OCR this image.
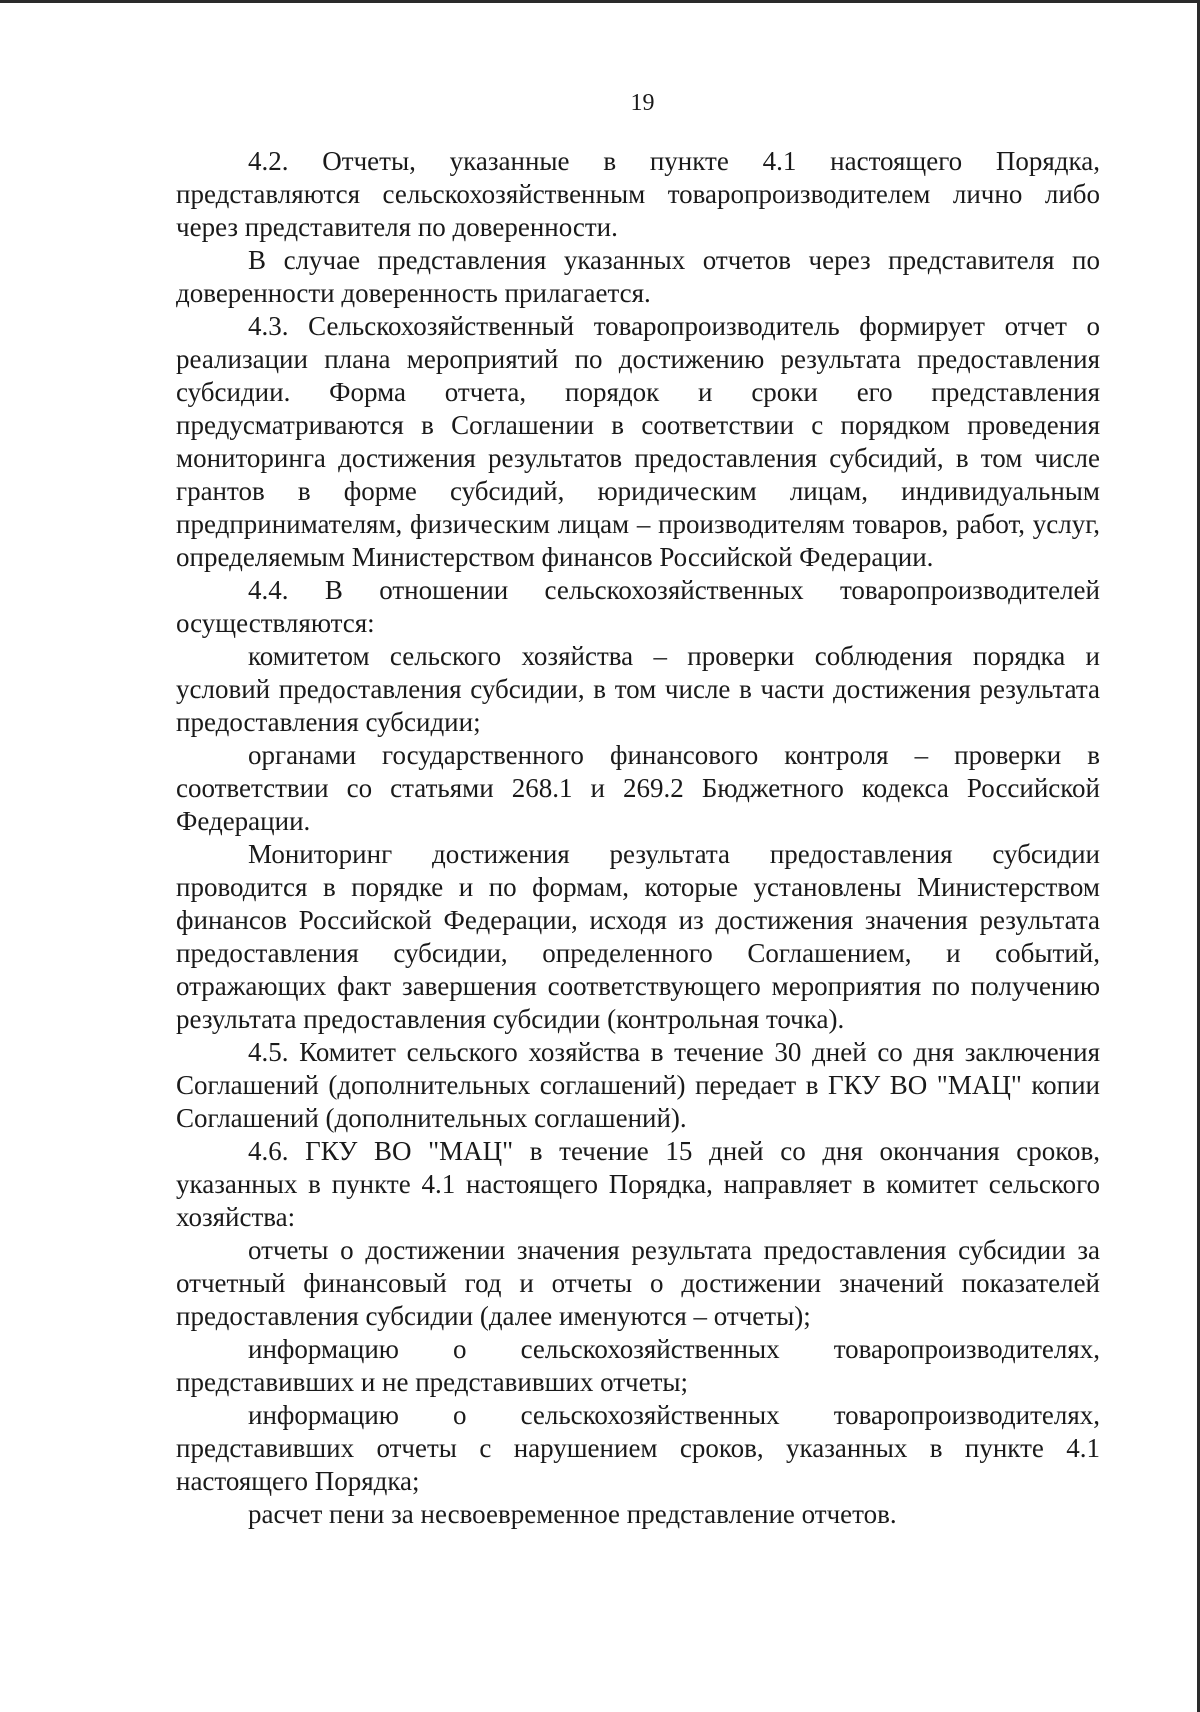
19

4.2. Отчеты, указанные в пункте 4.1 настоящего Порядка, представляются сельскохозяйственным товаропроизводителем лично либо через представителя по доверенности.

В случае представления указанных отчетов через представителя по доверенности доверенность прилагается.

4.3. Сельскохозяйственный товаропроизводитель формирует отчет о реализации плана мероприятий по достижению результата предоставления субсидии. Форма отчета, порядок и сроки его представления предусматриваются в Соглашении в соответствии с порядком проведения мониторинга достижения результатов предоставления субсидий, в том числе грантов в форме субсидий, юридическим лицам, индивидуальным предпринимателям, физическим лицам – производителям товаров, работ, услуг, определяемым Министерством финансов Российской Федерации.

4.4. В отношении сельскохозяйственных товаропроизводителей осуществляются:

комитетом сельского хозяйства – проверки соблюдения порядка и условий предоставления субсидии, в том числе в части достижения результата предоставления субсидии;

органами государственного финансового контроля – проверки в соответствии со статьями 268.1 и 269.2 Бюджетного кодекса Российской Федерации.

Мониторинг достижения результата предоставления субсидии проводится в порядке и по формам, которые установлены Министерством финансов Российской Федерации, исходя из достижения значения результата предоставления субсидии, определенного Соглашением, и событий, отражающих факт завершения соответствующего мероприятия по получению результата предоставления субсидии (контрольная точка).

4.5. Комитет сельского хозяйства в течение 30 дней со дня заключения Соглашений (дополнительных соглашений) передает в ГКУ ВО "МАЦ" копии Соглашений (дополнительных соглашений).

4.6. ГКУ ВО "МАЦ" в течение 15 дней со дня окончания сроков, указанных в пункте 4.1 настоящего Порядка, направляет в комитет сельского хозяйства:

отчеты о достижении значения результата предоставления субсидии за отчетный финансовый год и отчеты о достижении значений показателей предоставления субсидии (далее именуются – отчеты);

информацию о сельскохозяйственных товаропроизводителях, представивших и не представивших отчеты;

информацию о сельскохозяйственных товаропроизводителях, представивших отчеты с нарушением сроков, указанных в пункте 4.1 настоящего Порядка;

расчет пени за несвоевременное представление отчетов.
